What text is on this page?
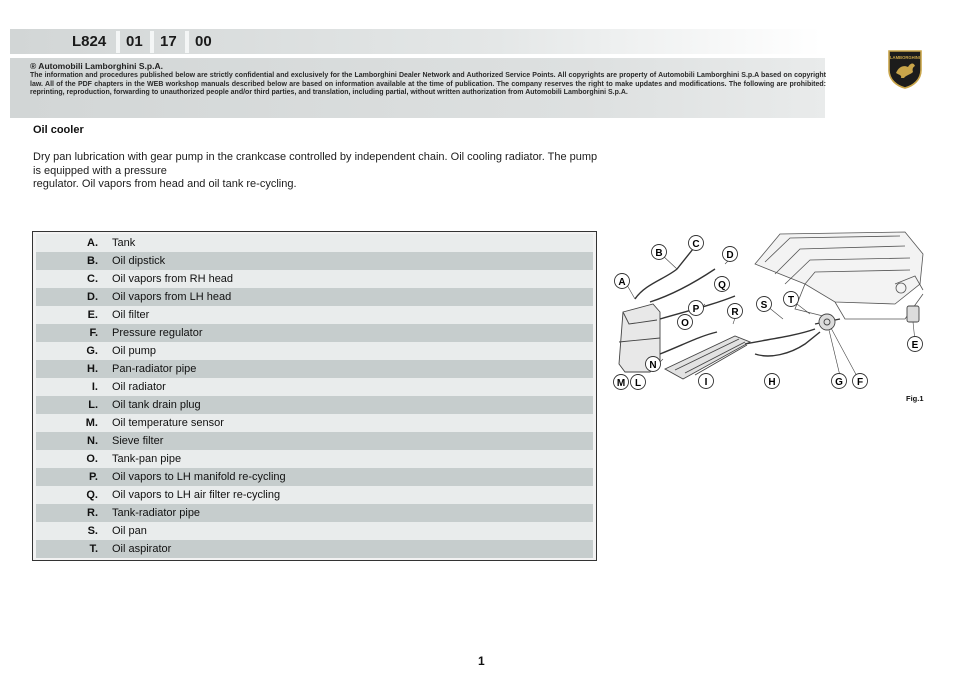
L824 01 17 00
® Automobili Lamborghini S.p.A.
The information and procedures published below are strictly confidential and exclusively for the Lamborghini Dealer Network and Authorized Service Points. All copyrights are property of Automobili Lamborghini S.p.A based on copyright law. All of the PDF chapters in the WEB workshop manuals described below are based on information available at the time of publication. The company reserves the right to make updates and modifications. The following are prohibited: reprinting, reproduction, forwarding to unauthorized people and/or third parties, and translation, including partial, without written authorization from Automobili Lamborghini S.p.A.
LAMBORGHINI
Oil cooler

Dry pan lubrication with gear pump in the crankcase controlled by independent chain. Oil cooling radiator. The pump

is equipped with a pressure

regulator. Oil vapors from head and oil tank re-cycling.

A. Tank
B. Oil dipstick
C. Oil vapors from RH head
D. Oil vapors from LH head
E. Oil filter
F. Pressure regulator
G. Oil pump
H. Pan-radiator pipe
I. Oil radiator
L. Oil tank drain plug
M. Oil temperature sensor
N. Sieve filter
O. Tank-pan pipe
P. Oil vapors to LH manifold re-cycling
Q. Oil vapors to LH air filter re-cycling
R. Tank-radiator pipe
S. Oil pan
T. Oil aspirator
A
B
C
D
Q
P
O
R
S T
N
M L	I	H	G F
E
Fig.1
1
